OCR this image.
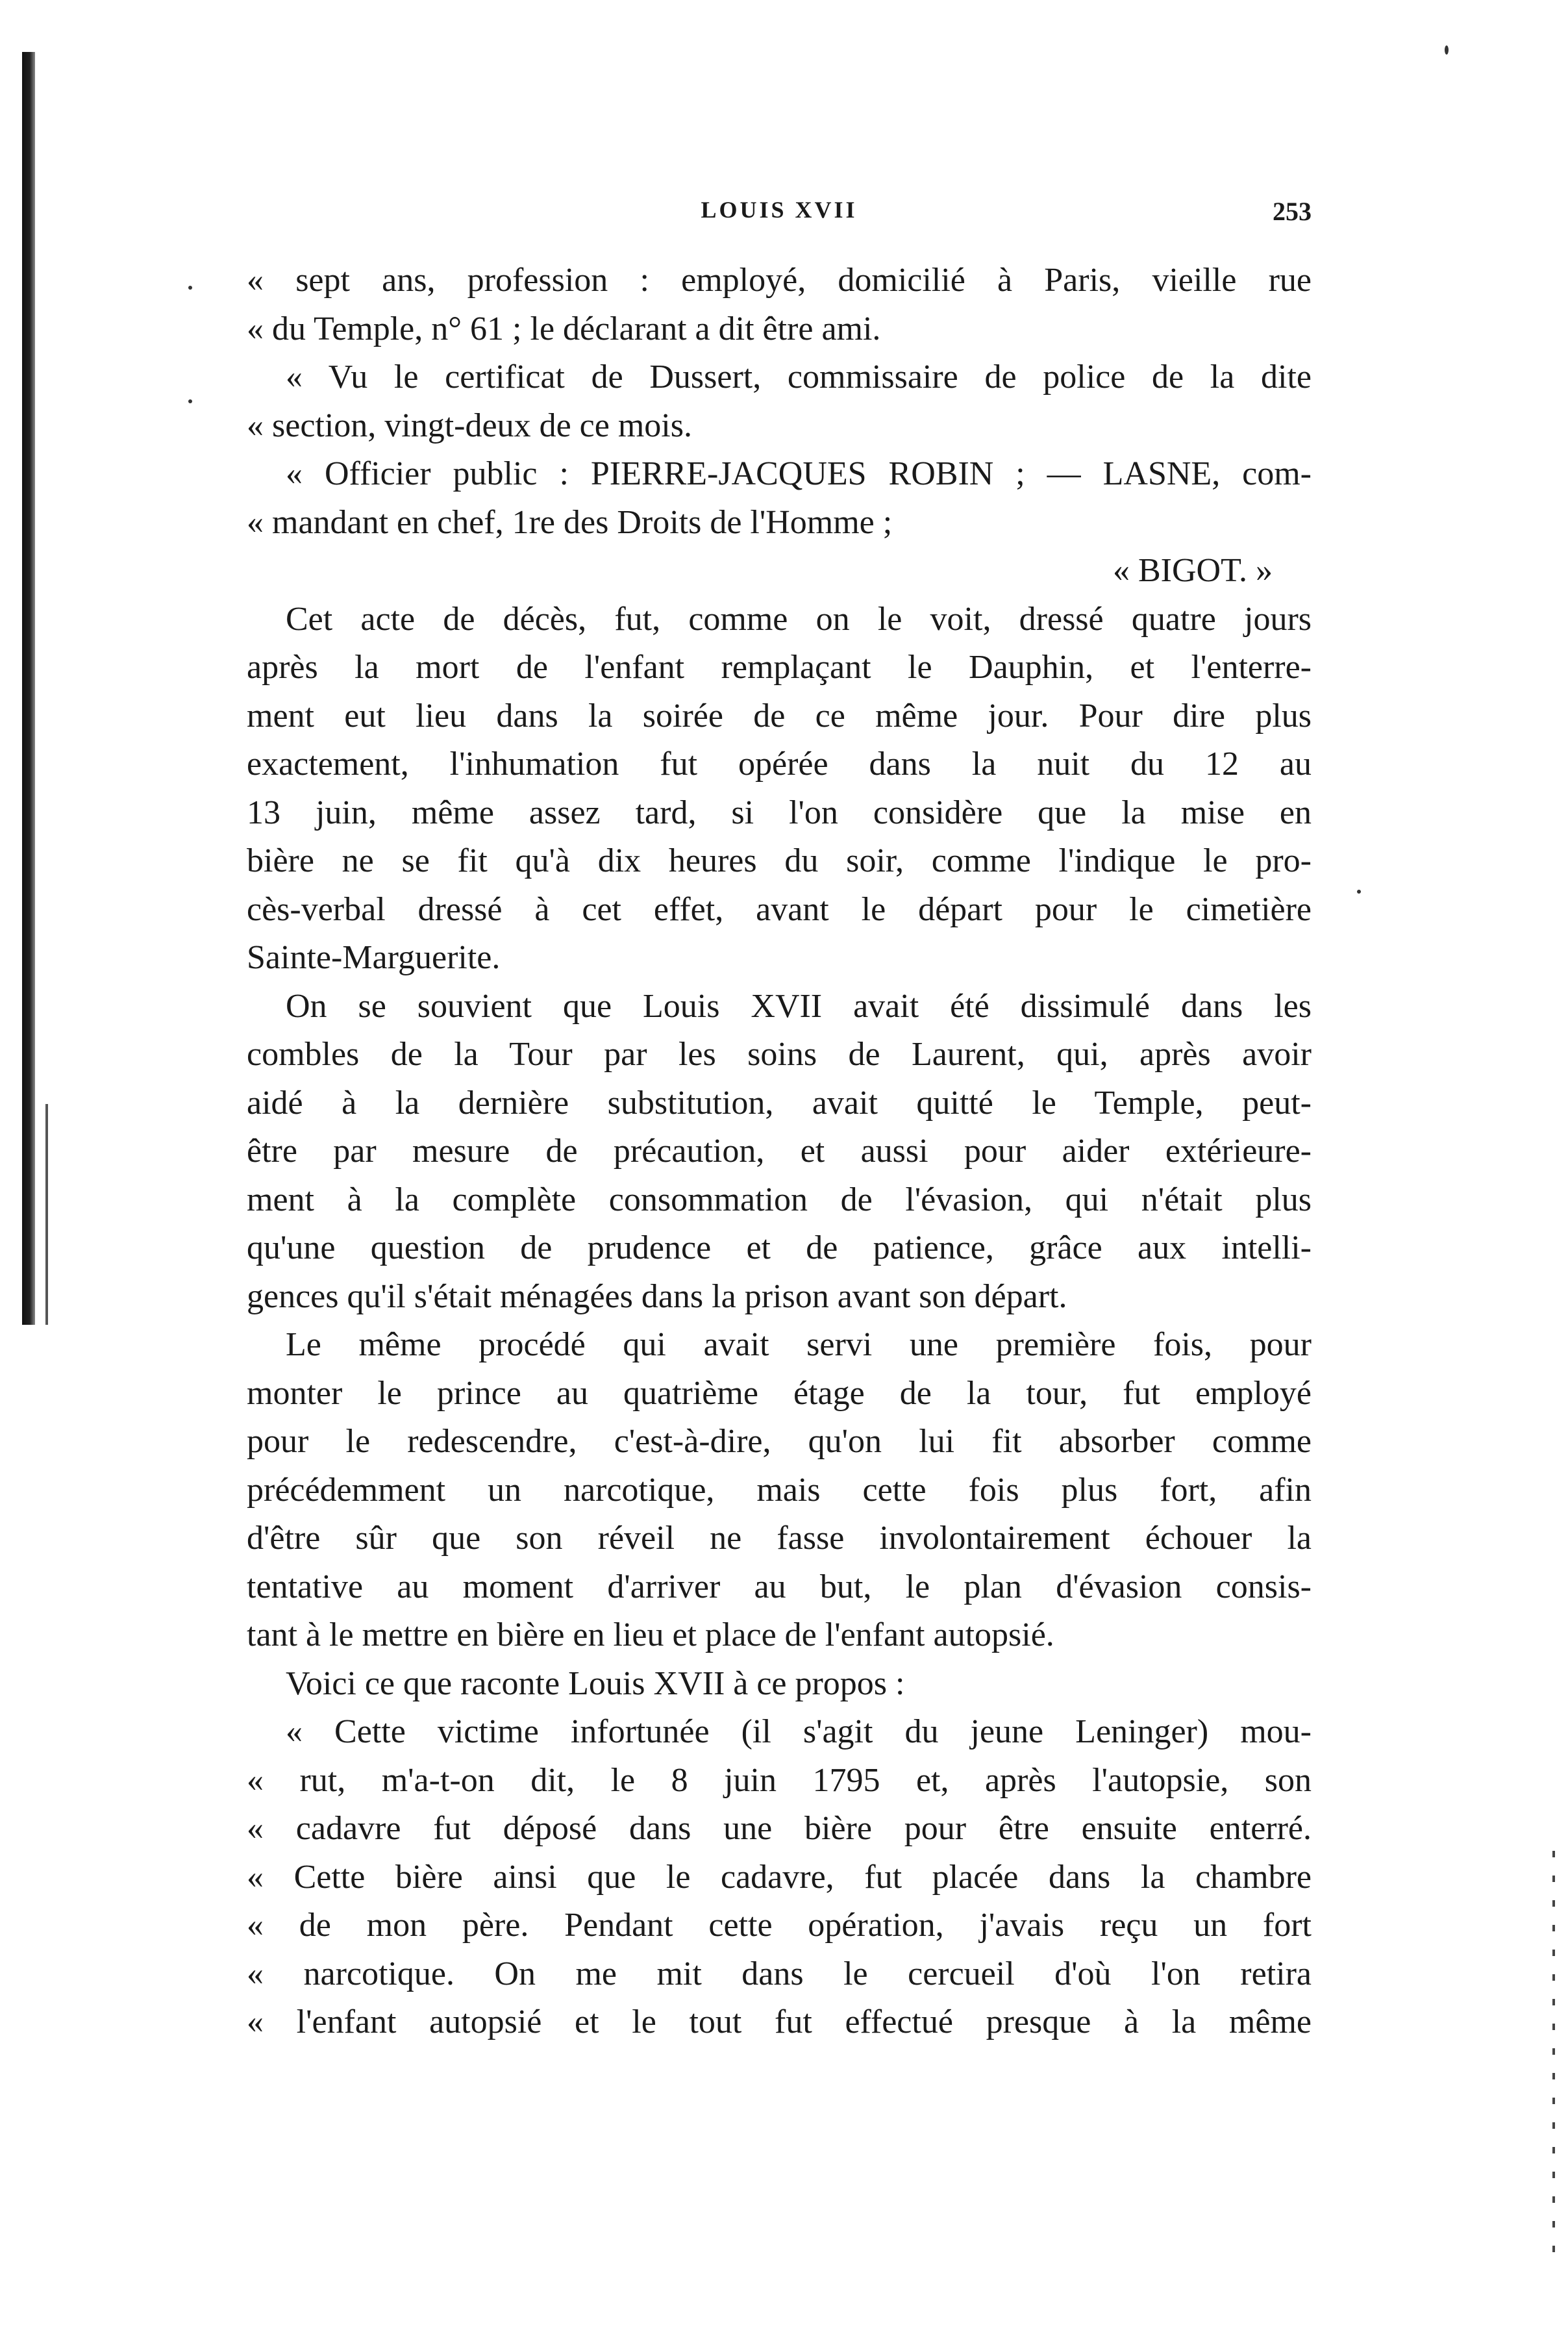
LOUIS XVII	253
« sept ans, profession : employé, domicilié à Paris, vieille rue
« du Temple, n° 61 ; le déclarant a dit être ami.
« Vu le certificat de Dussert, commissaire de police de la dite
« section, vingt-deux de ce mois.
« Officier public : PIERRE-JACQUES ROBIN ; — LASNE, com-
« mandant en chef, 1re des Droits de l'Homme ;
« BIGOT. »
Cet acte de décès, fut, comme on le voit, dressé quatre jours
après la mort de l'enfant remplaçant le Dauphin, et l'enterre-
ment eut lieu dans la soirée de ce même jour. Pour dire plus
exactement, l'inhumation fut opérée dans la nuit du 12 au
13 juin, même assez tard, si l'on considère que la mise en
bière ne se fit qu'à dix heures du soir, comme l'indique le pro-
cès-verbal dressé à cet effet, avant le départ pour le cimetière
Sainte-Marguerite.
On se souvient que Louis XVII avait été dissimulé dans les
combles de la Tour par les soins de Laurent, qui, après avoir
aidé à la dernière substitution, avait quitté le Temple, peut-
être par mesure de précaution, et aussi pour aider extérieure-
ment à la complète consommation de l'évasion, qui n'était plus
qu'une question de prudence et de patience, grâce aux intelli-
gences qu'il s'était ménagées dans la prison avant son départ.
Le même procédé qui avait servi une première fois, pour
monter le prince au quatrième étage de la tour, fut employé
pour le redescendre, c'est-à-dire, qu'on lui fit absorber comme
précédemment un narcotique, mais cette fois plus fort, afin
d'être sûr que son réveil ne fasse involontairement échouer la
tentative au moment d'arriver au but, le plan d'évasion consis-
tant à le mettre en bière en lieu et place de l'enfant autopsié.
Voici ce que raconte Louis XVII à ce propos :
« Cette victime infortunée (il s'agit du jeune Leninger) mou-
« rut, m'a-t-on dit, le 8 juin 1795 et, après l'autopsie, son
« cadavre fut déposé dans une bière pour être ensuite enterré.
« Cette bière ainsi que le cadavre, fut placée dans la chambre
« de mon père. Pendant cette opération, j'avais reçu un fort
« narcotique. On me mit dans le cercueil d'où l'on retira
« l'enfant autopsié et le tout fut effectué presque à la même
